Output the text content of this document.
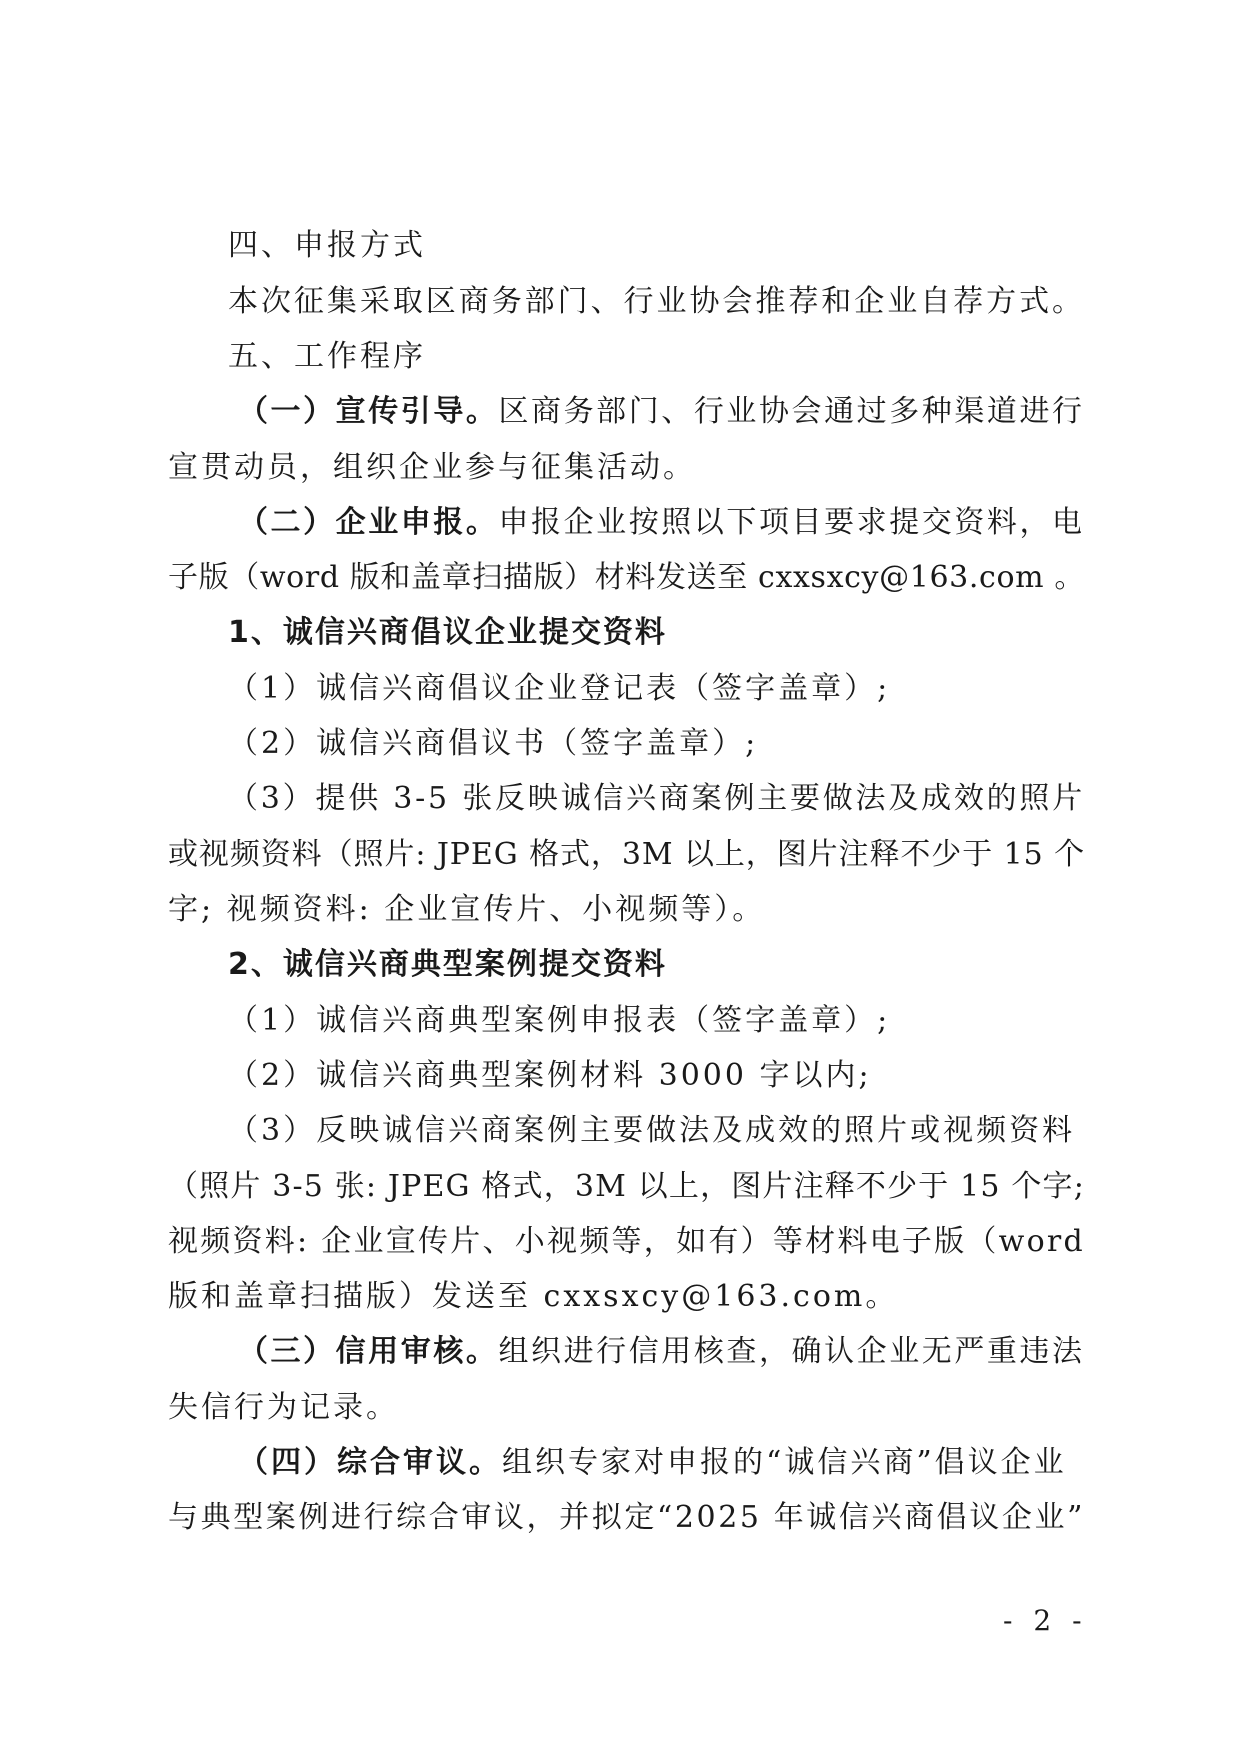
四、申报方式
本次征集采取区商务部门、行业协会推荐和企业自荐方式。
五、工作程序
（一）宣传引导。区商务部门、行业协会通过多种渠道进行
宣贯动员，组织企业参与征集活动。
（二）企业申报。申报企业按照以下项目要求提交资料，电
子版（word 版和盖章扫描版）材料发送至 cxxsxcy@163.com 。
1、诚信兴商倡议企业提交资料
（1）诚信兴商倡议企业登记表（签字盖章）;
（2）诚信兴商倡议书（签字盖章）;
（3）提供 3-5 张反映诚信兴商案例主要做法及成效的照片
或视频资料（照片: JPEG 格式，3M 以上，图片注释不少于 15 个
字; 视频资料: 企业宣传片、小视频等）。
2、诚信兴商典型案例提交资料
（1）诚信兴商典型案例申报表（签字盖章）;
（2）诚信兴商典型案例材料 3000 字以内;
（3）反映诚信兴商案例主要做法及成效的照片或视频资料
（照片 3-5 张: JPEG 格式，3M 以上，图片注释不少于 15 个字;
视频资料: 企业宣传片、小视频等，如有）等材料电子版（word
版和盖章扫描版）发送至 cxxsxcy@163.com。
（三）信用审核。组织进行信用核查，确认企业无严重违法
失信行为记录。
（四）综合审议。组织专家对申报的“诚信兴商”倡议企业
与典型案例进行综合审议，并拟定“2025 年诚信兴商倡议企业”
- 2 -
